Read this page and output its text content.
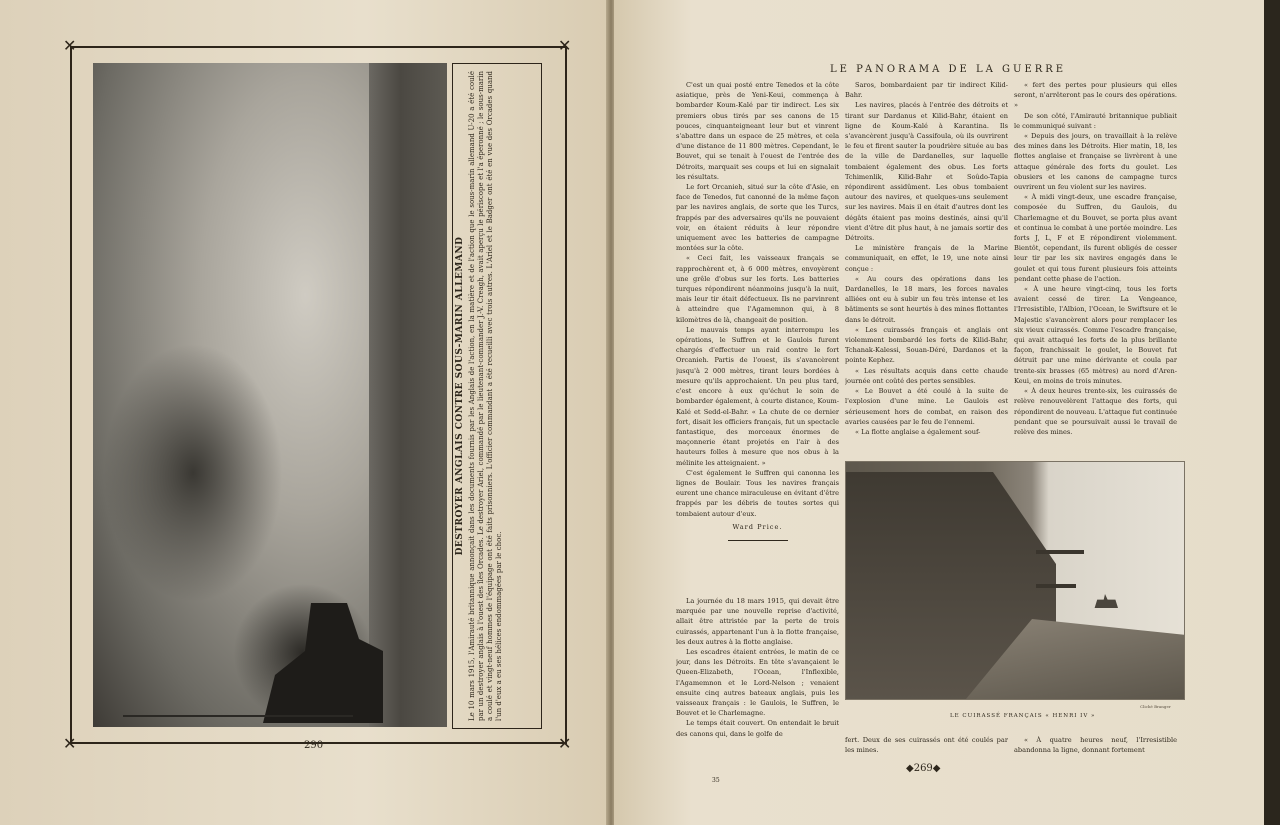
✕	✕
✕	✕
DESTROYER ANGLAIS CONTRE SOUS-MARIN ALLEMAND Le 10 mars 1915, l'Amirauté britannique annonçait dans les documents fournis par les Anglais de l'action, en la matière et de l'action que le sous-marin allemand U-20 a été coulé par un destroyer anglais à l'ouest des îles Orcades. Le destroyer Ariel, commandé par le lieutenant-commander J.-V. Creagh, avait aperçu le périscope et l'a éperonné ; le sous-marin a coulé et vingt-neuf hommes de l'équipage ont été faits prisonniers. L'officier commandant a été recueilli avec trois autres. L'Ariel et le Badger ont été en vue des Orcades quand l'un d'eux a eu ses hélices endommagées par le choc.
290
LE PANORAMA DE LA GUERRE

C'est un quai posté entre Tenedos et la côte asiatique, près de Yeni-Keui, commença à bombarder Koum-Kalé par tir indirect. Les six premiers obus tirés par ses canons de 15 pouces, cinquanteigneant leur but et vinrent s'abattre dans un espace de 25 mètres, et cela d'une distance de 11 800 mètres. Cependant, le Bouvet, qui se tenait à l'ouest de l'entrée des Détroits, marquait ses coups et lui en signalait les résultats.

Le fort Orcanieh, situé sur la côte d'Asie, en face de Tenedos, fut canonné de la même façon par les navires anglais, de sorte que les Turcs, frappés par des adversaires qu'ils ne pouvaient voir, en étaient réduits à leur répondre uniquement avec les batteries de campagne montées sur la côte.

« Ceci fait, les vaisseaux français se rapprochèrent et, à 6 000 mètres, envoyèrent une grêle d'obus sur les forts. Les batteries turques répondirent néanmoins jusqu'à la nuit, mais leur tir était défectueux. Ils ne parvinrent à atteindre que l'Agamemnon qui, à 8 kilomètres de là, changeait de position.

Le mauvais temps ayant interrompu les opérations, le Suffren et le Gaulois furent chargés d'effectuer un raid contre le fort Orcanieh. Partis de l'ouest, ils s'avancèrent jusqu'à 2 000 mètres, tirant leurs bordées à mesure qu'ils approchaient. Un peu plus tard, c'est encore à eux qu'échut le soin de bombarder également, à courte distance, Koum-Kalé et Sedd-el-Bahr. « La chute de ce dernier fort, disait les officiers français, fut un spectacle fantastique, des morceaux énormes de maçonnerie étant projetés en l'air à des hauteurs folles à mesure que nos obus à la mélinite les atteignaient. »

C'est également le Suffren qui canonna les lignes de Boulair. Tous les navires français eurent une chance miraculeuse en évitant d'être frappés par les débris de toutes sortes qui tombaient autour d'eux.

Ward Price.

La journée du 18 mars 1915, qui devait être marquée par une nouvelle reprise d'activité, allait être attristée par la perte de trois cuirassés, appartenant l'un à la flotte française, les deux autres à la flotte anglaise.

Les escadres étaient entrées, le matin de ce jour, dans les Détroits. En tête s'avançaient le Queen-Elizabeth, l'Ocean, l'Inflexible, l'Agamemnon et le Lord-Nelson ; venaient ensuite cinq autres bateaux anglais, puis les vaisseaux français : le Gaulois, le Suffren, le Bouvet et le Charlemagne.

Le temps était couvert. On entendait le bruit des canons qui, dans le golfe de

Saros, bombardaient par tir indirect Kilid-Bahr.

Les navires, placés à l'entrée des détroits et tirant sur Dardanus et Kilid-Bahr, étaient en ligne de Koum-Kalé à Karantina. Ils s'avancèrent jusqu'à Cassifoula, où ils ouvrirent le feu et firent sauter la poudrière située au bas de la ville de Dardanelles, sur laquelle tombaient également des obus. Les forts Tchimenlik, Kilid-Bahr et Soûdo-Tapia répondirent assidûment. Les obus tombaient autour des navires, et quelques-uns seulement sur les navires. Mais il en était d'autres dont les dégâts étaient pas moins destinés, ainsi qu'il vient d'être dit plus haut, à ne jamais sortir des Détroits.

Le ministère français de la Marine communiquait, en effet, le 19, une note ainsi conçue :

« Au cours des opérations dans les Dardanelles, le 18 mars, les forces navales alliées ont eu à subir un feu très intense et les bâtiments se sont heurtés à des mines flottantes dans le détroit.

« Les cuirassés français et anglais ont violemment bombardé les forts de Kilid-Bahr, Tchanak-Kalessi, Souan-Déré, Dardanos et la pointe Kephez.

« Les résultats acquis dans cette chaude journée ont coûté des pertes sensibles.

« Le Bouvet a été coulé à la suite de l'explosion d'une mine. Le Gaulois est sérieusement hors de combat, en raison des avaries causées par le feu de l'ennemi.

« La flotte anglaise a également souf-

« fert des pertes pour plusieurs qui elles seront, n'arrêteront pas le cours des opérations. »

De son côté, l'Amirauté britannique publiait le communiqué suivant :

« Depuis des jours, on travaillait à la relève des mines dans les Détroits. Hier matin, 18, les flottes anglaise et française se livrèrent à une attaque générale des forts du goulet. Les obusiers et les canons de campagne turcs ouvrirent un feu violent sur les navires.

« À midi vingt-deux, une escadre française, composée du Suffren, du Gaulois, du Charlemagne et du Bouvet, se porta plus avant et continua le combat à une portée moindre. Les forts J, L, F et E répondirent violemment. Bientôt, cependant, ils furent obligés de cesser leur tir par les six navires engagés dans le goulet et qui tous furent plusieurs fois atteints pendant cette phase de l'action.

« À une heure vingt-cinq, tous les forts avaient cessé de tirer. La Vengeance, l'Irresistible, l'Albion, l'Ocean, le Swiftsure et le Majestic s'avancèrent alors pour remplacer les six vieux cuirassés. Comme l'escadre française, qui avait attaqué les forts de la plus brillante façon, franchissait le goulet, le Bouvet fut détruit par une mine dérivante et coula par trente-six brasses (65 mètres) au nord d'Aren-Keui, en moins de trois minutes.

« À deux heures trente-six, les cuirassés de relève renouvelèrent l'attaque des forts, qui répondirent de nouveau. L'attaque fut continuée pendant que se poursuivait aussi le travail de relève des mines.

Cliché Branger
LE CUIRASSÉ FRANÇAIS « HENRI IV »

fert. Deux de ses cuirassés ont été coulés par les mines.

« À quatre heures neuf, l'Irresistible abandonna la ligne, donnant fortement

◆269◆
35
